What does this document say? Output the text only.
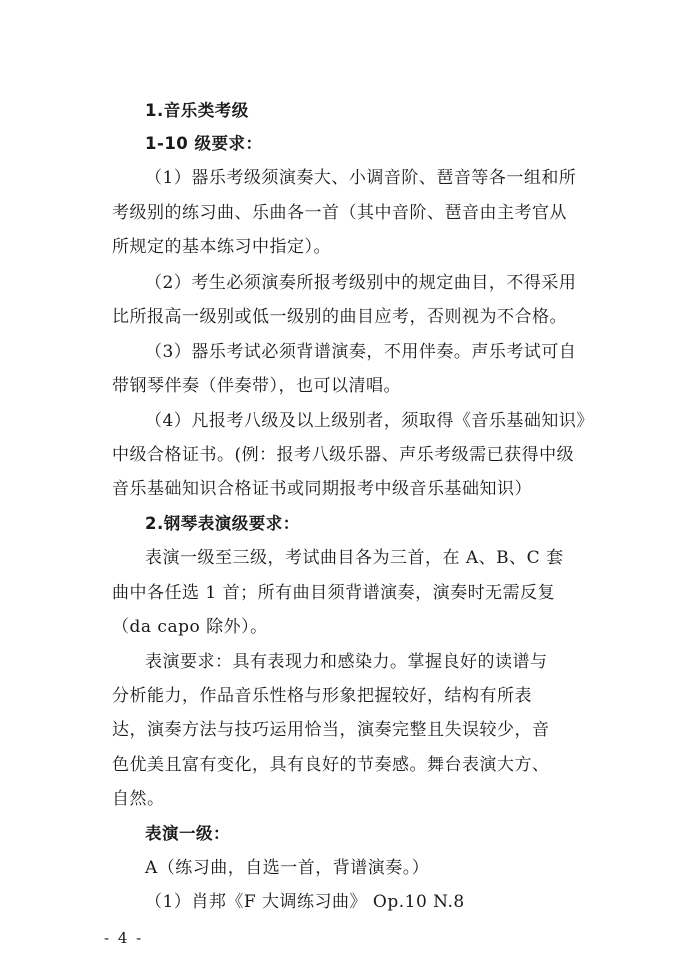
1.音乐类考级
1-10 级要求：
（1）器乐考级须演奏大、小调音阶、琶音等各一组和所
考级别的练习曲、乐曲各一首（其中音阶、琶音由主考官从
所规定的基本练习中指定）。
（2）考生必须演奏所报考级别中的规定曲目，不得采用
比所报高一级别或低一级别的曲目应考，否则视为不合格。
（3）器乐考试必须背谱演奏，不用伴奏。声乐考试可自
带钢琴伴奏（伴奏带），也可以清唱。
（4）凡报考八级及以上级别者，须取得《音乐基础知识》
中级合格证书。(例：报考八级乐器、声乐考级需已获得中级
音乐基础知识合格证书或同期报考中级音乐基础知识）
2.钢琴表演级要求：
表演一级至三级，考试曲目各为三首，在 A、B、C 套
曲中各任选 1 首；所有曲目须背谱演奏，演奏时无需反复
（da capo 除外）。
表演要求：具有表现力和感染力。掌握良好的读谱与
分析能力，作品音乐性格与形象把握较好，结构有所表
达，演奏方法与技巧运用恰当，演奏完整且失误较少，音
色优美且富有变化，具有良好的节奏感。舞台表演大方、
自然。
表演一级：
A（练习曲，自选一首，背谱演奏。）
（1）肖邦《F 大调练习曲》 Op.10 N.8
- 4 -
